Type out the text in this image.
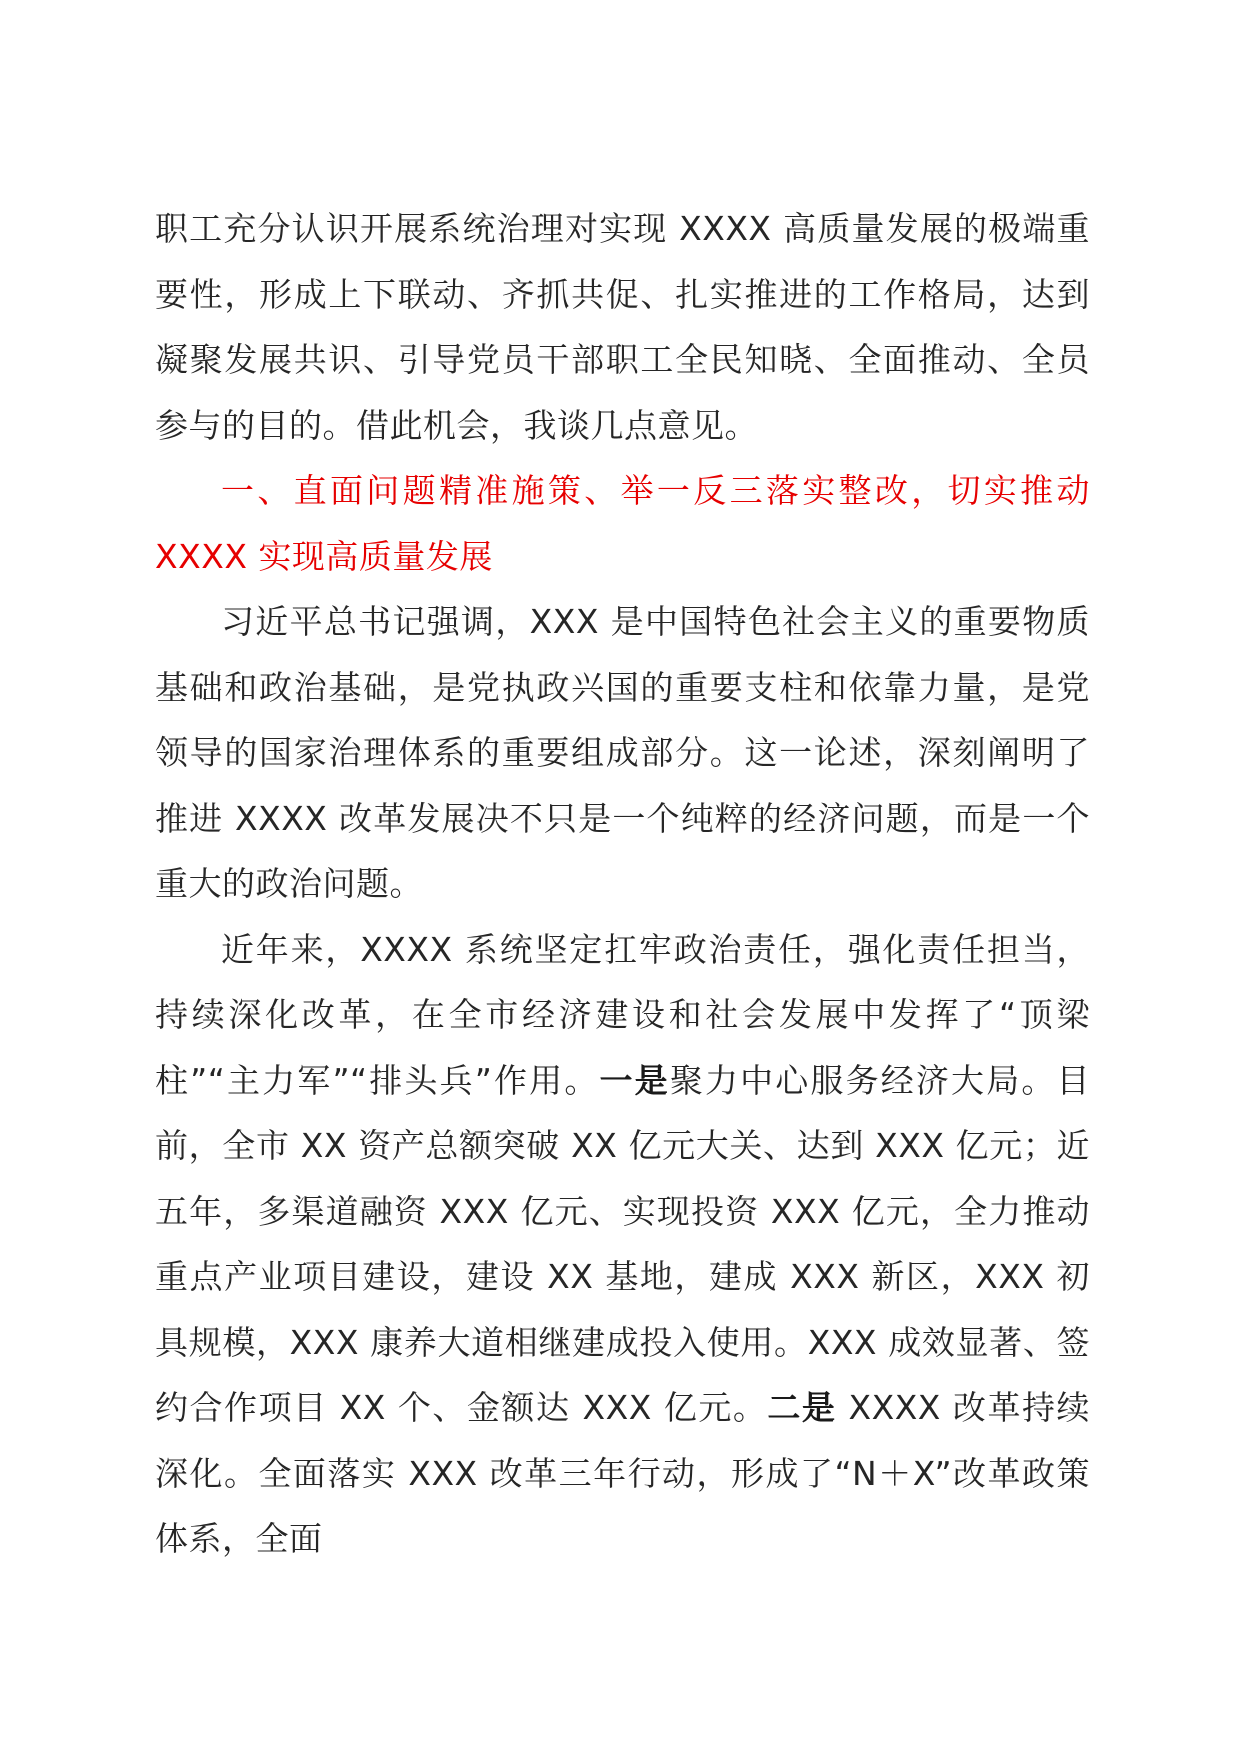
职工充分认识开展系统治理对实现 XXXX 高质量发展的极端重要性，形成上下联动、齐抓共促、扎实推进的工作格局，达到凝聚发展共识、引导党员干部职工全民知晓、全面推动、全员参与的目的。借此机会，我谈几点意见。

一、直面问题精准施策、举一反三落实整改，切实推动 XXXX 实现高质量发展

习近平总书记强调，XXX 是中国特色社会主义的重要物质基础和政治基础，是党执政兴国的重要支柱和依靠力量，是党领导的国家治理体系的重要组成部分。这一论述，深刻阐明了推进 XXXX 改革发展决不只是一个纯粹的经济问题，而是一个重大的政治问题。

近年来，XXXX 系统坚定扛牢政治责任，强化责任担当，持续深化改革，在全市经济建设和社会发展中发挥了“顶梁柱”“主力军”“排头兵”作用。一是聚力中心服务经济大局。目前，全市 XX 资产总额突破 XX 亿元大关、达到 XXX 亿元；近五年，多渠道融资 XXX 亿元、实现投资 XXX 亿元，全力推动重点产业项目建设，建设 XX 基地，建成 XXX 新区，XXX 初具规模，XXX 康养大道相继建成投入使用。XXX 成效显著、签约合作项目 XX 个、金额达 XXX 亿元。二是 XXXX 改革持续深化。全面落实 XXX 改革三年行动，形成了“N＋X”改革政策体系，全面
